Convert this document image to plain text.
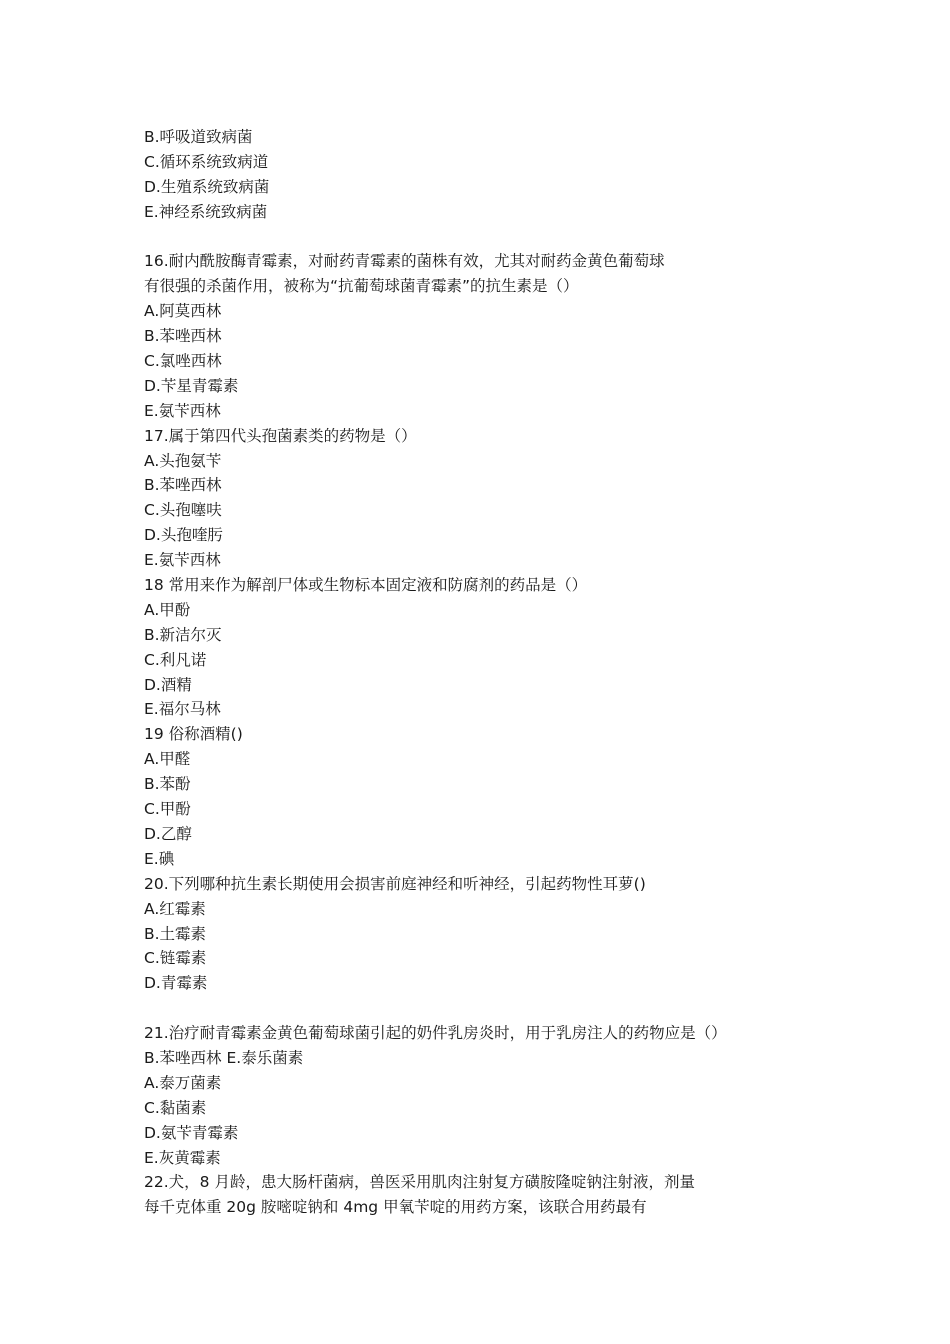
B.呼吸道致病菌
C.循环系统致病道
D.生殖系统致病菌
E.神经系统致病菌
16.耐内酰胺酶青霉素，对耐药青霉素的菌株有效，尤其对耐药金黄色葡萄球
有很强的杀菌作用，被称为“抗葡萄球菌青霉素”的抗生素是（）
A.阿莫西林
B.苯唑西林
C.氯唑西林
D.苄星青霉素
E.氨苄西林
17.属于第四代头孢菌素类的药物是（）
A.头孢氨苄
B.苯唑西林
C.头孢噻呋
D.头孢喹肟
E.氨苄西林
18 常用来作为解剖尸体或生物标本固定液和防腐剂的药品是（）
A.甲酚
B.新洁尔灭
C.利凡诺
D.酒精
E.福尔马林
19 俗称酒精()
A.甲醛
B.苯酚
C.甲酚
D.乙醇
E.碘
20.下列哪种抗生素长期使用会损害前庭神经和听神经，引起药物性耳萝()
A.红霉素
B.土霉素
C.链霉素
D.青霉素
21.治疗耐青霉素金黄色葡萄球菌引起的奶件乳房炎时，用于乳房注人的药物应是（）
B.苯唑西林 E.泰乐菌素
A.泰万菌素
C.黏菌素
D.氨苄青霉素
E.灰黄霉素
22.犬，8 月龄，患大肠杆菌病，兽医采用肌肉注射复方磺胺隆啶钠注射液，剂量
每千克体重 20g 胺嘧啶钠和 4mg 甲氧苄啶的用药方案，该联合用药最有
